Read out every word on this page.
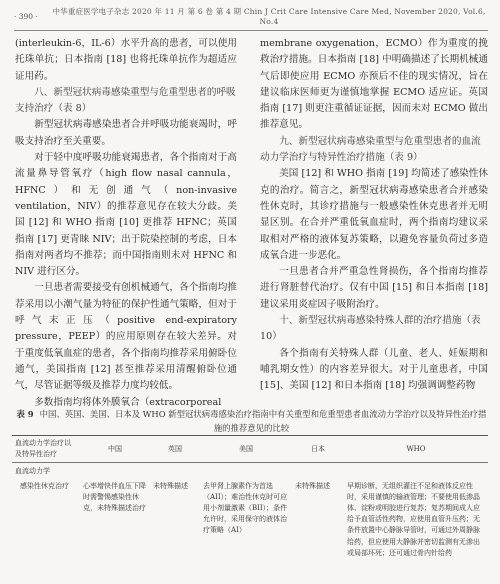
· 390 ·	中华重症医学电子杂志 2020 年 11 月 第 6 卷 第 4 期 Chin J Crit Care Intensive Care Med, November 2020, Vol.6, No.4

(interleukin-6，IL-6）水平升高的患者，可以使用托珠单抗；日本指南 [18] 也将托珠单抗作为超适应证用药。

八、新型冠状病毒感染重型与危重型患者的呼吸支持治疗（表 8）

新型冠状病毒感染患者合并呼吸功能衰竭时，呼吸支持治疗至关重要。

对于轻中度呼吸功能衰竭患者，各个指南对于高流量鼻导管氧疗（high flow nasal cannula，HFNC）和无创通气（non-invasive ventilation，NIV）的推荐意见存在较大分歧。美国 [12] 和 WHO 指南 [10] 更推荐 HFNC；英国指南 [17] 更青睐 NIV；出于院染控制的考虑，日本指南对两者均不推荐；而中国指南则未对 HFNC 和 NIV 进行区分。

一旦患者需要接受有创机械通气，各个指南均推荐采用以小潮气量为特征的保护性通气策略，但对于呼气末正压（positive end-expiratory pressure，PEEP）的应用原则存在较大差异。对于重度低氧血症的患者，各个指南均推荐采用俯卧位通气，美国指南 [12] 甚至推荐采用清醒俯卧位通气，尽管证据等级及推荐力度均较低。

多数指南均将体外膜氧合（extracorporeal

membrane oxygenation，ECMO）作为重度的挽救治疗措施。日本指南 [18] 中明确描述了长期机械通气后即使应用 ECMO 亦预后不佳的现实情况，旨在建议临床医师更为谨慎地掌握 ECMO 适应证。英国指南 [17] 则更注重循证证据，因而未对 ECMO 做出推荐意见。

九、新型冠状病毒感染重型与危重型患者的血流动力学治疗与特异性治疗措施（表 9）

美国 [12] 和 WHO 指南 [19] 均简述了感染性休克的治疗。简言之，新型冠状病毒感染患者合并感染性休克时，其诊疗措施与一般感染性休克患者并无明显区别。在合并严重低氧血症时，两个指南均建议采取相对严格的液体复苏策略，以避免容量负荷过多造成氧合进一步恶化。

一旦患者合并严重急性肾损伤，各个指南均推荐进行肾脏替代治疗。仅有中国 [15] 和日本指南 [18] 建议采用炎症因子吸附治疗。

十、新型冠状病毒感染特殊人群的治疗措施（表 10）

各个指南有关特殊人群（儿童、老人、妊娠期和哺乳期女性）的内容差异很大。对于儿童患者，中国 [15]、美国 [12] 和日本指南 [18] 均强调调整药物

表 9 中国、英国、美国、日本及 WHO 新型冠状病毒感染治疗指南中有关重型和危重型患者血流动力学治疗以及特异性治疗措施的推荐意见的比较
血流动力学治疗以及特异性治疗	中国	英国	美国	日本	WHO
血流动力学					
感染性休克治疗	心率增快伴血压下降时需警惕感染性休克，未特殊描述治疗	未特殊描述	去甲肾上腺素作为首选（AII）；难治性休克时可应用小剂量激素（BII）；条件允许时，采用保守的液体治疗策略（AI）	未特殊描述	早期诊断，无组织灌注不足和液体反应性时，采用谨慎的输液管理；不要使用低渗晶体、淀粉或明胶进行复苏；复苏期间成人应给予血管活性药物，应使用血管升压药；无条件放置中心静脉导管时，可通过外周静脉给药，但应使用大静脉并密切监测有无渗出或局部坏死；还可通过骨内针给药
